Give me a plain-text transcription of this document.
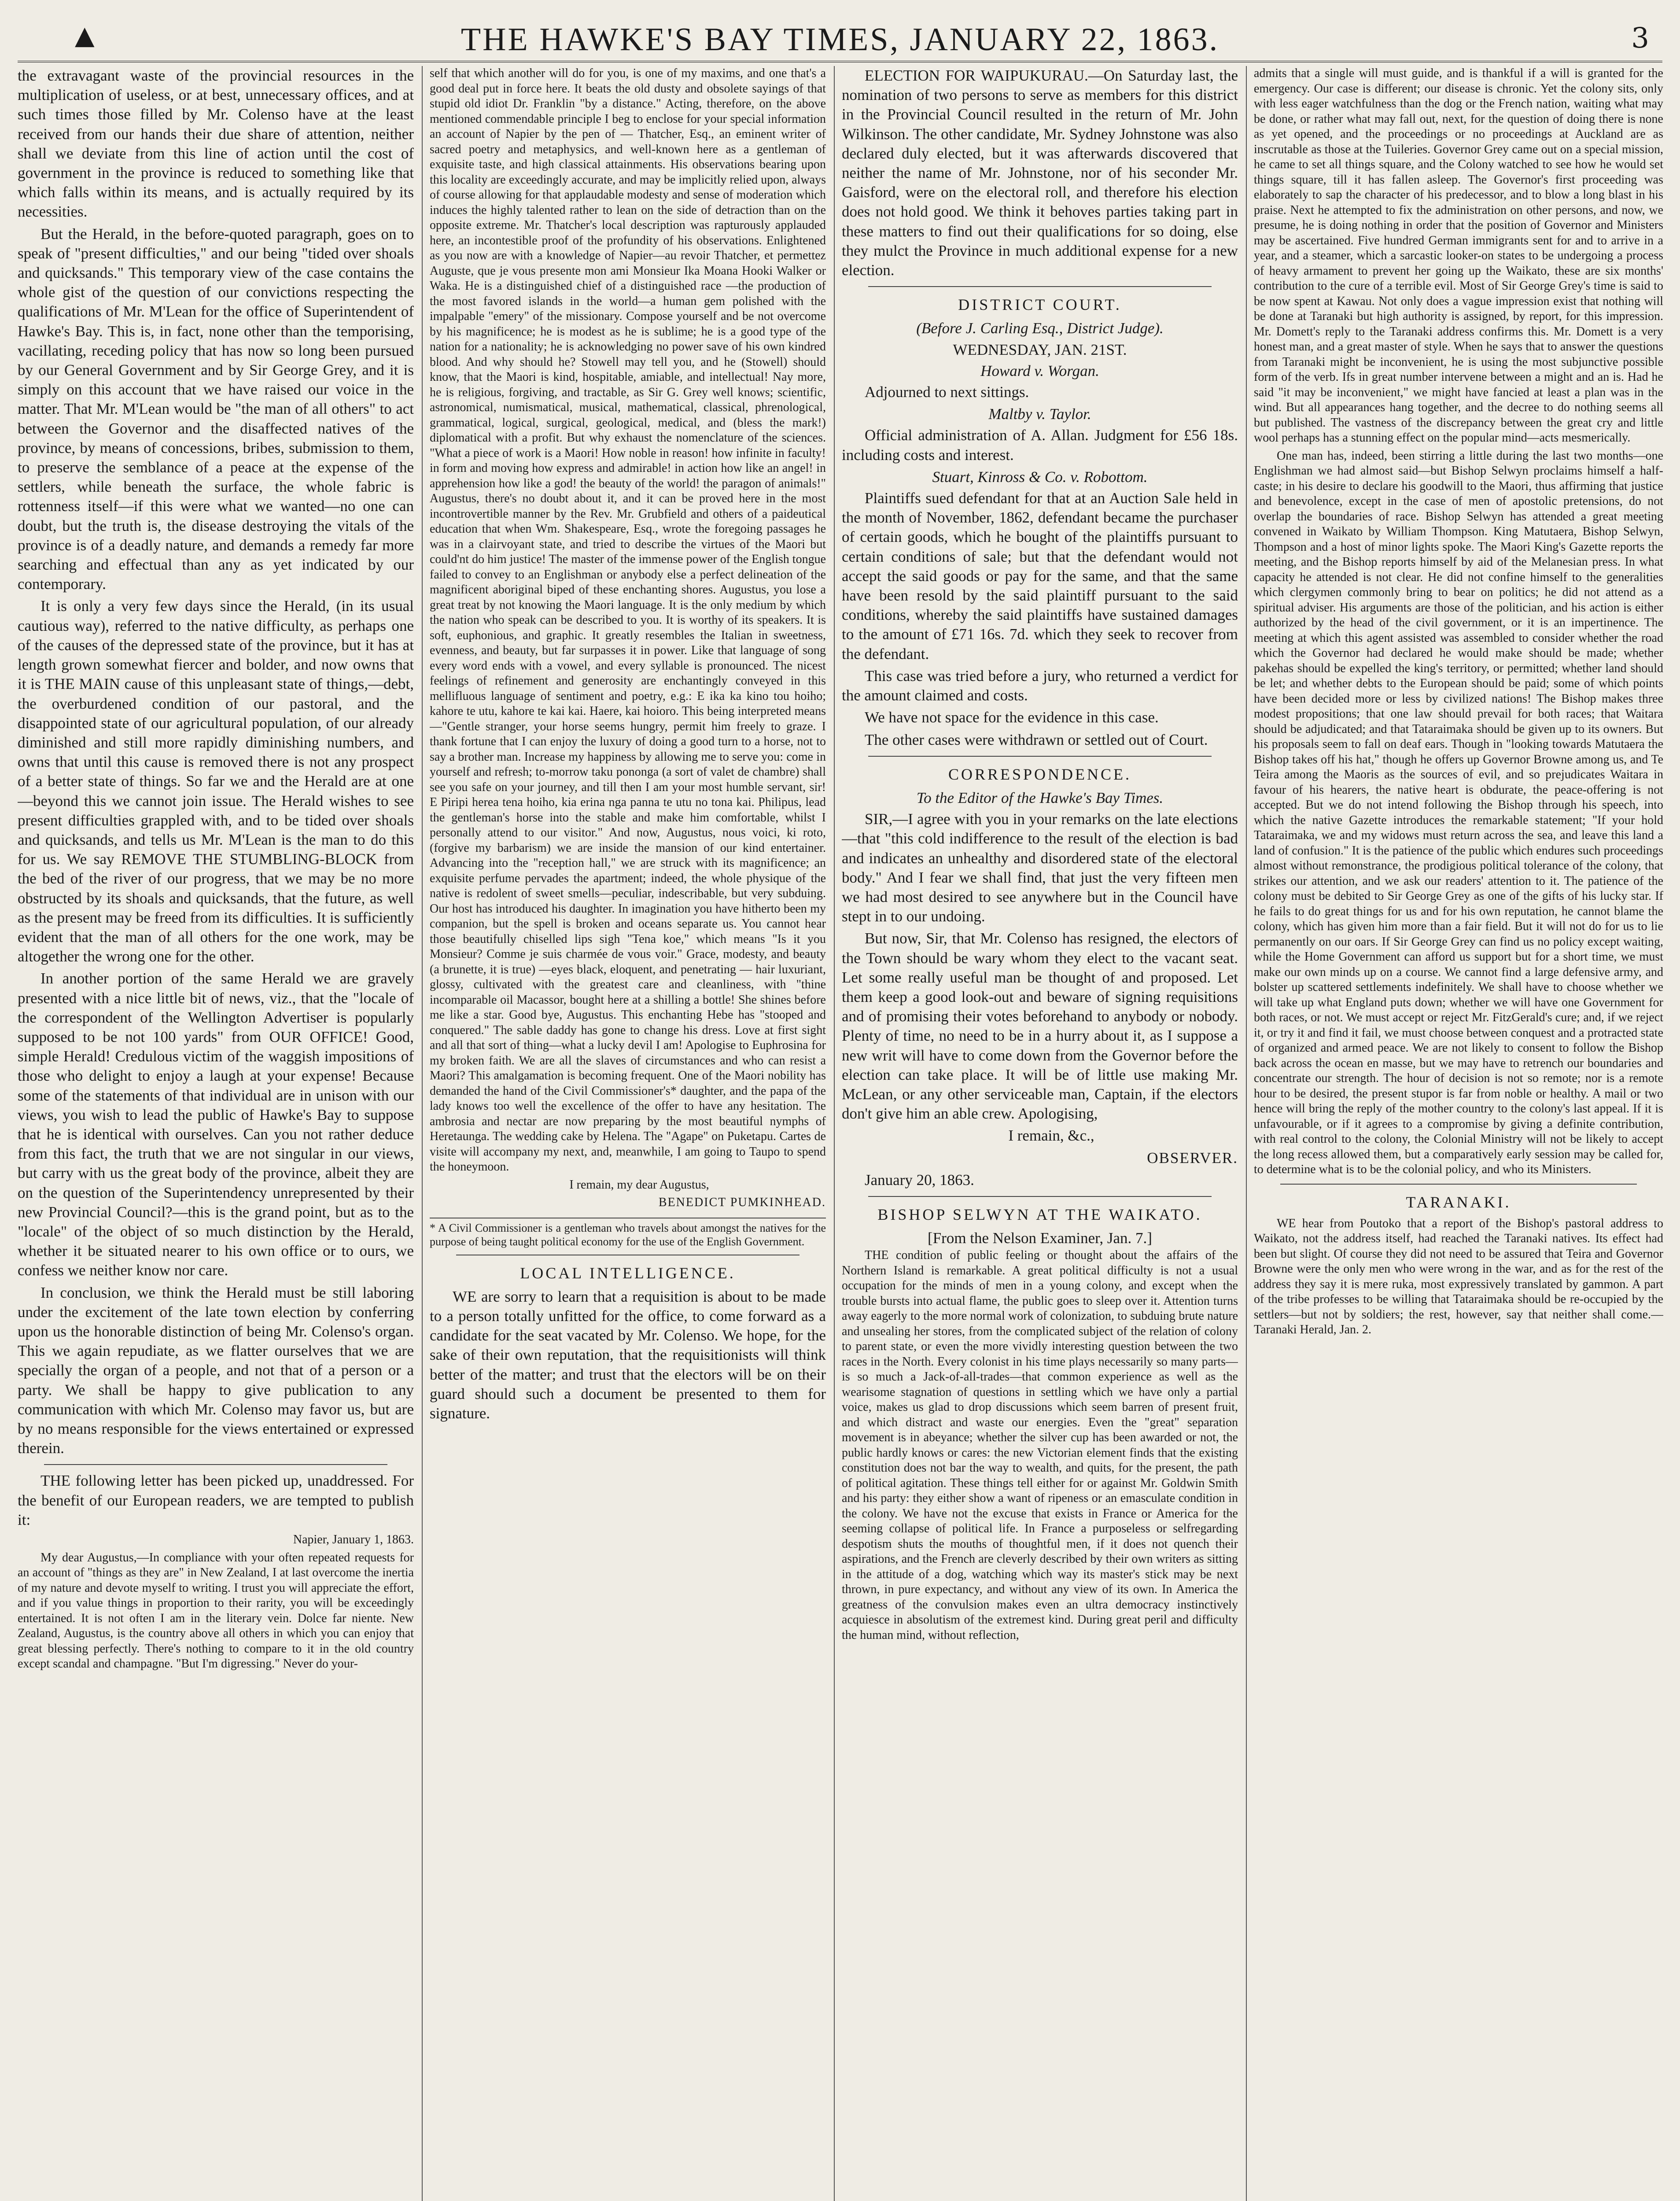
▲	THE HAWKE'S BAY TIMES, JANUARY 22, 1863.	3

the extravagant waste of the provincial resources in the multiplication of useless, or at best, unnecessary offices, and at such times those filled by Mr. Colenso have at the least received from our hands their due share of attention, neither shall we deviate from this line of action until the cost of government in the province is reduced to something like that which falls within its means, and is actually required by its necessities.

But the Herald, in the before-quoted paragraph, goes on to speak of "present difficulties," and our being "tided over shoals and quicksands." This temporary view of the case contains the whole gist of the question of our convictions respecting the qualifications of Mr. M'Lean for the office of Superintendent of Hawke's Bay. This is, in fact, none other than the temporising, vacillating, receding policy that has now so long been pursued by our General Government and by Sir George Grey, and it is simply on this account that we have raised our voice in the matter. That Mr. M'Lean would be "the man of all others" to act between the Governor and the disaffected natives of the province, by means of concessions, bribes, submission to them, to preserve the semblance of a peace at the expense of the settlers, while beneath the surface, the whole fabric is rottenness itself—if this were what we wanted—no one can doubt, but the truth is, the disease destroying the vitals of the province is of a deadly nature, and demands a remedy far more searching and effectual than any as yet indicated by our contemporary.

It is only a very few days since the Herald, (in its usual cautious way), referred to the native difficulty, as perhaps one of the causes of the depressed state of the province, but it has at length grown somewhat fiercer and bolder, and now owns that it is THE MAIN cause of this unpleasant state of things,—debt, the overburdened condition of our pastoral, and the disappointed state of our agricultural population, of our already diminished and still more rapidly diminishing numbers, and owns that until this cause is removed there is not any prospect of a better state of things. So far we and the Herald are at one —beyond this we cannot join issue. The Herald wishes to see present difficulties grappled with, and to be tided over shoals and quicksands, and tells us Mr. M'Lean is the man to do this for us. We say REMOVE THE STUMBLING-BLOCK from the bed of the river of our progress, that we may be no more obstructed by its shoals and quicksands, that the future, as well as the present may be freed from its difficulties. It is sufficiently evident that the man of all others for the one work, may be altogether the wrong one for the other.

In another portion of the same Herald we are gravely presented with a nice little bit of news, viz., that the "locale of the correspondent of the Wellington Advertiser is popularly supposed to be not 100 yards" from OUR OFFICE! Good, simple Herald! Credulous victim of the waggish impositions of those who delight to enjoy a laugh at your expense! Because some of the statements of that individual are in unison with our views, you wish to lead the public of Hawke's Bay to suppose that he is identical with ourselves. Can you not rather deduce from this fact, the truth that we are not singular in our views, but carry with us the great body of the province, albeit they are on the question of the Superintendency unrepresented by their new Provincial Council?—this is the grand point, but as to the "locale" of the object of so much distinction by the Herald, whether it be situated nearer to his own office or to ours, we confess we neither know nor care.

In conclusion, we think the Herald must be still laboring under the excitement of the late town election by conferring upon us the honorable distinction of being Mr. Colenso's organ. This we again repudiate, as we flatter ourselves that we are specially the organ of a people, and not that of a person or a party. We shall be happy to give publication to any communication with which Mr. Colenso may favor us, but are by no means responsible for the views entertained or expressed therein.

THE following letter has been picked up, unaddressed. For the benefit of our European readers, we are tempted to publish it:

Napier, January 1, 1863.

My dear Augustus,—In compliance with your often repeated requests for an account of "things as they are" in New Zealand, I at last overcome the inertia of my nature and devote myself to writing. I trust you will appreciate the effort, and if you value things in proportion to their rarity, you will be exceedingly entertained. It is not often I am in the literary vein. Dolce far niente. New Zealand, Augustus, is the country above all others in which you can enjoy that great blessing perfectly. There's nothing to compare to it in the old country except scandal and champagne. "But I'm digressing." Never do your-

self that which another will do for you, is one of my maxims, and one that's a good deal put in force here. It beats the old dusty and obsolete sayings of that stupid old idiot Dr. Franklin "by a distance." Acting, therefore, on the above mentioned commendable principle I beg to enclose for your special information an account of Napier by the pen of — Thatcher, Esq., an eminent writer of sacred poetry and metaphysics, and well-known here as a gentleman of exquisite taste, and high classical attainments. His observations bearing upon this locality are exceedingly accurate, and may be implicitly relied upon, always of course allowing for that applaudable modesty and sense of moderation which induces the highly talented rather to lean on the side of detraction than on the opposite extreme. Mr. Thatcher's local description was rapturously applauded here, an incontestible proof of the profundity of his observations. Enlightened as you now are with a knowledge of Napier—au revoir Thatcher, et permettez Auguste, que je vous presente mon ami Monsieur Ika Moana Hooki Walker or Waka. He is a distinguished chief of a distinguished race —the production of the most favored islands in the world—a human gem polished with the impalpable "emery" of the missionary. Compose yourself and be not overcome by his magnificence; he is modest as he is sublime; he is a good type of the nation for a nationality; he is acknowledging no power save of his own kindred blood. And why should he? Stowell may tell you, and he (Stowell) should know, that the Maori is kind, hospitable, amiable, and intellectual! Nay more, he is religious, forgiving, and tractable, as Sir G. Grey well knows; scientific, astronomical, numismatical, musical, mathematical, classical, phrenological, grammatical, logical, surgical, geological, medical, and (bless the mark!) diplomatical with a profit. But why exhaust the nomenclature of the sciences. "What a piece of work is a Maori! How noble in reason! how infinite in faculty! in form and moving how express and admirable! in action how like an angel! in apprehension how like a god! the beauty of the world! the paragon of animals!" Augustus, there's no doubt about it, and it can be proved here in the most incontrovertible manner by the Rev. Mr. Grubfield and others of a paideutical education that when Wm. Shakespeare, Esq., wrote the foregoing passages he was in a clairvoyant state, and tried to describe the virtues of the Maori but could'nt do him justice! The master of the immense power of the English tongue failed to convey to an Englishman or anybody else a perfect delineation of the magnificent aboriginal biped of these enchanting shores. Augustus, you lose a great treat by not knowing the Maori language. It is the only medium by which the nation who speak can be described to you. It is worthy of its speakers. It is soft, euphonious, and graphic. It greatly resembles the Italian in sweetness, evenness, and beauty, but far surpasses it in power. Like that language of song every word ends with a vowel, and every syllable is pronounced. The nicest feelings of refinement and generosity are enchantingly conveyed in this mellifluous language of sentiment and poetry, e.g.: E ika ka kino tou hoiho; kahore te utu, kahore te kai kai. Haere, kai hoioro. This being interpreted means—"Gentle stranger, your horse seems hungry, permit him freely to graze. I thank fortune that I can enjoy the luxury of doing a good turn to a horse, not to say a brother man. Increase my happiness by allowing me to serve you: come in yourself and refresh; to-morrow taku pononga (a sort of valet de chambre) shall see you safe on your journey, and till then I am your most humble servant, sir! E Piripi herea tena hoiho, kia erina nga panna te utu no tona kai. Philipus, lead the gentleman's horse into the stable and make him comfortable, whilst I personally attend to our visitor." And now, Augustus, nous voici, ki roto, (forgive my barbarism) we are inside the mansion of our kind entertainer. Advancing into the "reception hall," we are struck with its magnificence; an exquisite perfume pervades the apartment; indeed, the whole physique of the native is redolent of sweet smells—peculiar, indescribable, but very subduing. Our host has introduced his daughter. In imagination you have hitherto been my companion, but the spell is broken and oceans separate us. You cannot hear those beautifully chiselled lips sigh "Tena koe," which means "Is it you Monsieur? Comme je suis charmée de vous voir." Grace, modesty, and beauty (a brunette, it is true) —eyes black, eloquent, and penetrating — hair luxuriant, glossy, cultivated with the greatest care and cleanliness, with "thine incomparable oil Macassor, bought here at a shilling a bottle! She shines before me like a star. Good bye, Augustus. This enchanting Hebe has "stooped and conquered." The sable daddy has gone to change his dress. Love at first sight and all that sort of thing—what a lucky devil I am! Apologise to Euphrosina for my broken faith. We are all the slaves of circumstances and who can resist a Maori? This amalgamation is becoming frequent. One of the Maori nobility has demanded the hand of the Civil Commissioner's* daughter, and the papa of the lady knows too well the excellence of the offer to have any hesitation. The ambrosia and nectar are now preparing by the most beautiful nymphs of Heretaunga. The wedding cake by Helena. The "Agape" on Puketapu. Cartes de visite will accompany my next, and, meanwhile, I am going to Taupo to spend the honeymoon.

I remain, my dear Augustus,

BENEDICT PUMKINHEAD.

* A Civil Commissioner is a gentleman who travels about amongst the natives for the purpose of being taught political economy for the use of the English Government.
LOCAL INTELLIGENCE.

WE are sorry to learn that a requisition is about to be made to a person totally unfitted for the office, to come forward as a candidate for the seat vacated by Mr. Colenso. We hope, for the sake of their own reputation, that the requisitionists will think better of the matter; and trust that the electors will be on their guard should such a document be presented to them for signature.

ELECTION FOR WAIPUKURAU.—On Saturday last, the nomination of two persons to serve as members for this district in the Provincial Council resulted in the return of Mr. John Wilkinson. The other candidate, Mr. Sydney Johnstone was also declared duly elected, but it was afterwards discovered that neither the name of Mr. Johnstone, nor of his seconder Mr. Gaisford, were on the electoral roll, and therefore his election does not hold good. We think it behoves parties taking part in these matters to find out their qualifications for so doing, else they mulct the Province in much additional expense for a new election.

DISTRICT COURT.
(Before J. Carling Esq., District Judge).
WEDNESDAY, JAN. 21ST.
Howard v. Worgan.

Adjourned to next sittings.

Maltby v. Taylor.

Official administration of A. Allan. Judgment for £56 18s. including costs and interest.

Stuart, Kinross & Co. v. Robottom.

Plaintiffs sued defendant for that at an Auction Sale held in the month of November, 1862, defendant became the purchaser of certain goods, which he bought of the plaintiffs pursuant to certain conditions of sale; but that the defendant would not accept the said goods or pay for the same, and that the same have been resold by the said plaintiff pursuant to the said conditions, whereby the said plaintiffs have sustained damages to the amount of £71 16s. 7d. which they seek to recover from the defendant.

This case was tried before a jury, who returned a verdict for the amount claimed and costs.

We have not space for the evidence in this case.

The other cases were withdrawn or settled out of Court.

CORRESPONDENCE.
To the Editor of the Hawke's Bay Times.

SIR,—I agree with you in your remarks on the late elections—that "this cold indifference to the result of the election is bad and indicates an unhealthy and disordered state of the electoral body." And I fear we shall find, that just the very fifteen men we had most desired to see anywhere but in the Council have stept in to our undoing.

But now, Sir, that Mr. Colenso has resigned, the electors of the Town should be wary whom they elect to the vacant seat. Let some really useful man be thought of and proposed. Let them keep a good look-out and beware of signing requisitions and of promising their votes beforehand to anybody or nobody. Plenty of time, no need to be in a hurry about it, as I suppose a new writ will have to come down from the Governor before the election can take place. It will be of little use making Mr. McLean, or any other serviceable man, Captain, if the electors don't give him an able crew. Apologising,

I remain, &c.,

OBSERVER.

January 20, 1863.

BISHOP SELWYN AT THE WAIKATO.
[From the Nelson Examiner, Jan. 7.]

THE condition of public feeling or thought about the affairs of the Northern Island is remarkable. A great political difficulty is not a usual occupation for the minds of men in a young colony, and except when the trouble bursts into actual flame, the public goes to sleep over it. Attention turns away eagerly to the more normal work of colonization, to subduing brute nature and unsealing her stores, from the complicated subject of the relation of colony to parent state, or even the more vividly interesting question between the two races in the North. Every colonist in his time plays necessarily so many parts—is so much a Jack-of-all-trades—that common experience as well as the wearisome stagnation of questions in settling which we have only a partial voice, makes us glad to drop discussions which seem barren of present fruit, and which distract and waste our energies. Even the "great" separation movement is in abeyance; whether the silver cup has been awarded or not, the public hardly knows or cares: the new Victorian element finds that the existing constitution does not bar the way to wealth, and quits, for the present, the path of political agitation. These things tell either for or against Mr. Goldwin Smith and his party: they either show a want of ripeness or an emasculate condition in the colony. We have not the excuse that exists in France or America for the seeming collapse of political life. In France a purposeless or selfregarding despotism shuts the mouths of thoughtful men, if it does not quench their aspirations, and the French are cleverly described by their own writers as sitting in the attitude of a dog, watching which way its master's stick may be next thrown, in pure expectancy, and without any view of its own. In America the greatness of the convulsion makes even an ultra democracy instinctively acquiesce in absolutism of the extremest kind. During great peril and difficulty the human mind, without reflection,

admits that a single will must guide, and is thankful if a will is granted for the emergency. Our case is different; our disease is chronic. Yet the colony sits, only with less eager watchfulness than the dog or the French nation, waiting what may be done, or rather what may fall out, next, for the question of doing there is none as yet opened, and the proceedings or no proceedings at Auckland are as inscrutable as those at the Tuileries. Governor Grey came out on a special mission, he came to set all things square, and the Colony watched to see how he would set things square, till it has fallen asleep. The Governor's first proceeding was elaborately to sap the character of his predecessor, and to blow a long blast in his praise. Next he attempted to fix the administration on other persons, and now, we presume, he is doing nothing in order that the position of Governor and Ministers may be ascertained. Five hundred German immigrants sent for and to arrive in a year, and a steamer, which a sarcastic looker-on states to be undergoing a process of heavy armament to prevent her going up the Waikato, these are six months' contribution to the cure of a terrible evil. Most of Sir George Grey's time is said to be now spent at Kawau. Not only does a vague impression exist that nothing will be done at Taranaki but high authority is assigned, by report, for this impression. Mr. Domett's reply to the Taranaki address confirms this. Mr. Domett is a very honest man, and a great master of style. When he says that to answer the questions from Taranaki might be inconvenient, he is using the most subjunctive possible form of the verb. Ifs in great number intervene between a might and an is. Had he said "it may be inconvenient," we might have fancied at least a plan was in the wind. But all appearances hang together, and the decree to do nothing seems all but published. The vastness of the discrepancy between the great cry and little wool perhaps has a stunning effect on the popular mind—acts mesmerically.

One man has, indeed, been stirring a little during the last two months—one Englishman we had almost said—but Bishop Selwyn proclaims himself a half-caste; in his desire to declare his goodwill to the Maori, thus affirming that justice and benevolence, except in the case of men of apostolic pretensions, do not overlap the boundaries of race. Bishop Selwyn has attended a great meeting convened in Waikato by William Thompson. King Matutaera, Bishop Selwyn, Thompson and a host of minor lights spoke. The Maori King's Gazette reports the meeting, and the Bishop reports himself by aid of the Melanesian press. In what capacity he attended is not clear. He did not confine himself to the generalities which clergymen commonly bring to bear on politics; he did not attend as a spiritual adviser. His arguments are those of the politician, and his action is either authorized by the head of the civil government, or it is an impertinence. The meeting at which this agent assisted was assembled to consider whether the road which the Governor had declared he would make should be made; whether pakehas should be expelled the king's territory, or permitted; whether land should be let; and whether debts to the European should be paid; some of which points have been decided more or less by civilized nations! The Bishop makes three modest propositions; that one law should prevail for both races; that Waitara should be adjudicated; and that Tataraimaka should be given up to its owners. But his proposals seem to fall on deaf ears. Though in "looking towards Matutaera the Bishop takes off his hat," though he offers up Governor Browne among us, and Te Teira among the Maoris as the sources of evil, and so prejudicates Waitara in favour of his hearers, the native heart is obdurate, the peace-offering is not accepted. But we do not intend following the Bishop through his speech, into which the native Gazette introduces the remarkable statement; "If your hold Tataraimaka, we and my widows must return across the sea, and leave this land a land of confusion." It is the patience of the public which endures such proceedings almost without remonstrance, the prodigious political tolerance of the colony, that strikes our attention, and we ask our readers' attention to it. The patience of the colony must be debited to Sir George Grey as one of the gifts of his lucky star. If he fails to do great things for us and for his own reputation, he cannot blame the colony, which has given him more than a fair field. But it will not do for us to lie permanently on our oars. If Sir George Grey can find us no policy except waiting, while the Home Government can afford us support but for a short time, we must make our own minds up on a course. We cannot find a large defensive army, and bolster up scattered settlements indefinitely. We shall have to choose whether we will take up what England puts down; whether we will have one Government for both races, or not. We must accept or reject Mr. FitzGerald's cure; and, if we reject it, or try it and find it fail, we must choose between conquest and a protracted state of organized and armed peace. We are not likely to consent to follow the Bishop back across the ocean en masse, but we may have to retrench our boundaries and concentrate our strength. The hour of decision is not so remote; nor is a remote hour to be desired, the present stupor is far from noble or healthy. A mail or two hence will bring the reply of the mother country to the colony's last appeal. If it is unfavourable, or if it agrees to a compromise by giving a definite contribution, with real control to the colony, the Colonial Ministry will not be likely to accept the long recess allowed them, but a comparatively early session may be called for, to determine what is to be the colonial policy, and who its Ministers.

TARANAKI.

WE hear from Poutoko that a report of the Bishop's pastoral address to Waikato, not the address itself, had reached the Taranaki natives. Its effect had been but slight. Of course they did not need to be assured that Teira and Governor Browne were the only men who were wrong in the war, and as for the rest of the address they say it is mere ruka, most expressively translated by gammon. A part of the tribe professes to be willing that Tataraimaka should be re-occupied by the settlers—but not by soldiers; the rest, however, say that neither shall come.—Taranaki Herald, Jan. 2.
